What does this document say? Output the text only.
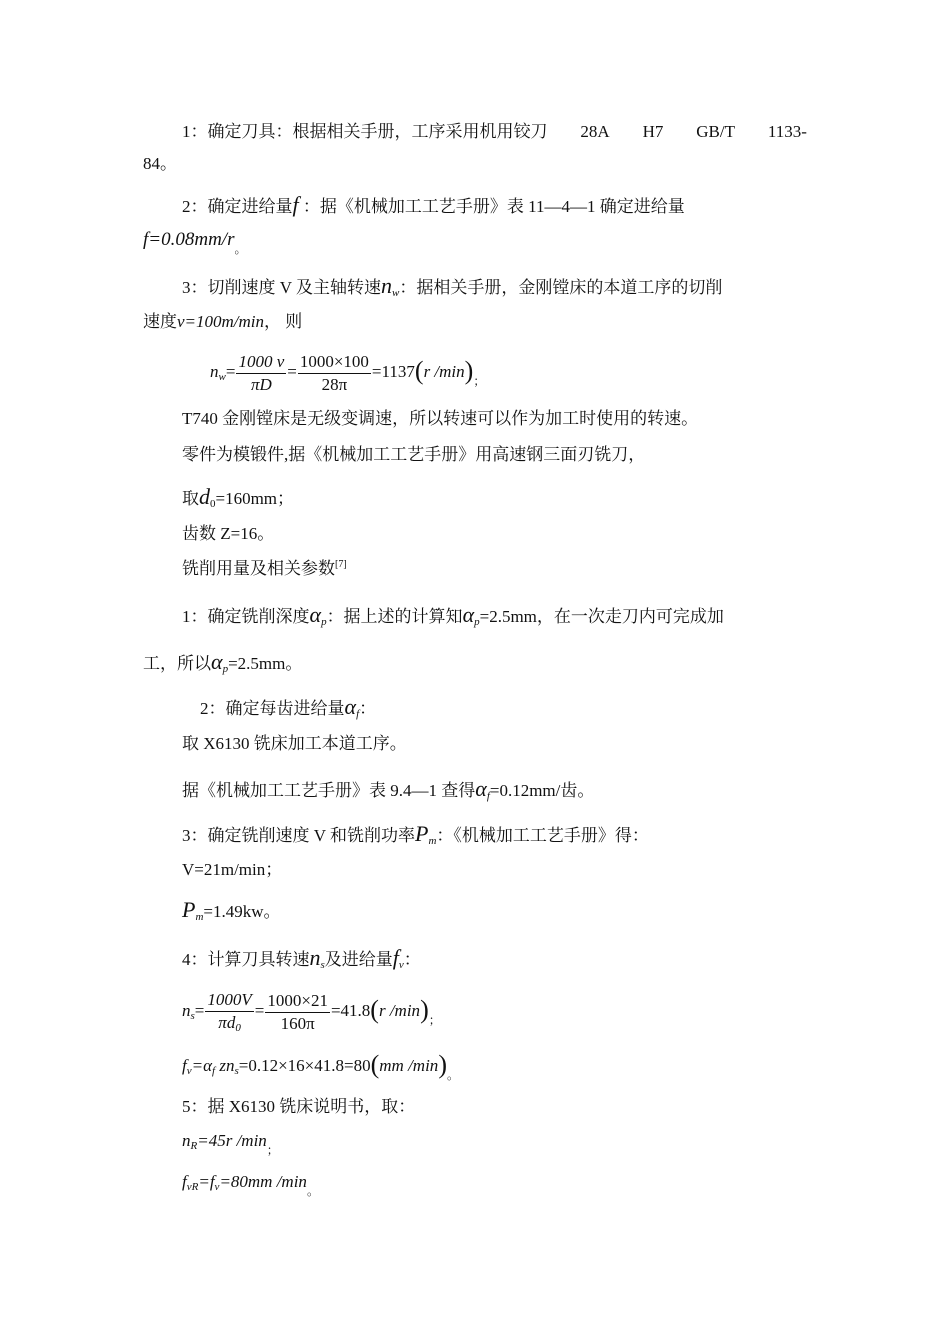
1：确定刀具：根据相关手册，工序采用机用铰刀 28A H7 GB/T 1133-
84。
2：确定进给量f ：据《机械加工工艺手册》表 11—4—1 确定进给量
$f=0.08mm/r_。$
3：切削速度 V 及主轴转速nw：据相关手册，金刚镗床的本道工序的切削
速度v=100m/min， 则
$nw= \frac{1000 v}{\pi D} = \frac{1000\times 100}{28\pi} =1137(r$ $/\min)_;$
T740 金刚镗床是无级变调速，所以转速可以作为加工时使用的转速。
零件为模锻件,据《机械加工工艺手册》用高速钢三面刃铣刀，
取d0=160mm；
齿数 Z=16。
铣削用量及相关参数[7]
1：确定铣削深度αp：据上述的计算知αp=2.5mm，在一次走刀内可完成加
工，所以αp=2.5mm。
2：确定每齿进给量αf：
取 X6130 铣床加工本道工序。
据《机械加工工艺手册》表 9.4—1 查得αf=0.12mm/齿。
3：确定铣削速度 V 和铣削功率Pm：《机械加工工艺手册》得：
V=21m/min；
Pm=1.49kw。
4：计算刀具转速ns及进给量fv：
$ns= \frac{1000V}{\pi d0} = \frac{1000\times 21}{160\pi} =41.8(r$ $/\min)_;$
fv=αf zns=0.12×16×41.8=80(mm $/\min)_。$
5：据 X6130 铣床说明书，取：
nR=45r $/\min_;$
fvR=fv=80mm $/\min_。$
